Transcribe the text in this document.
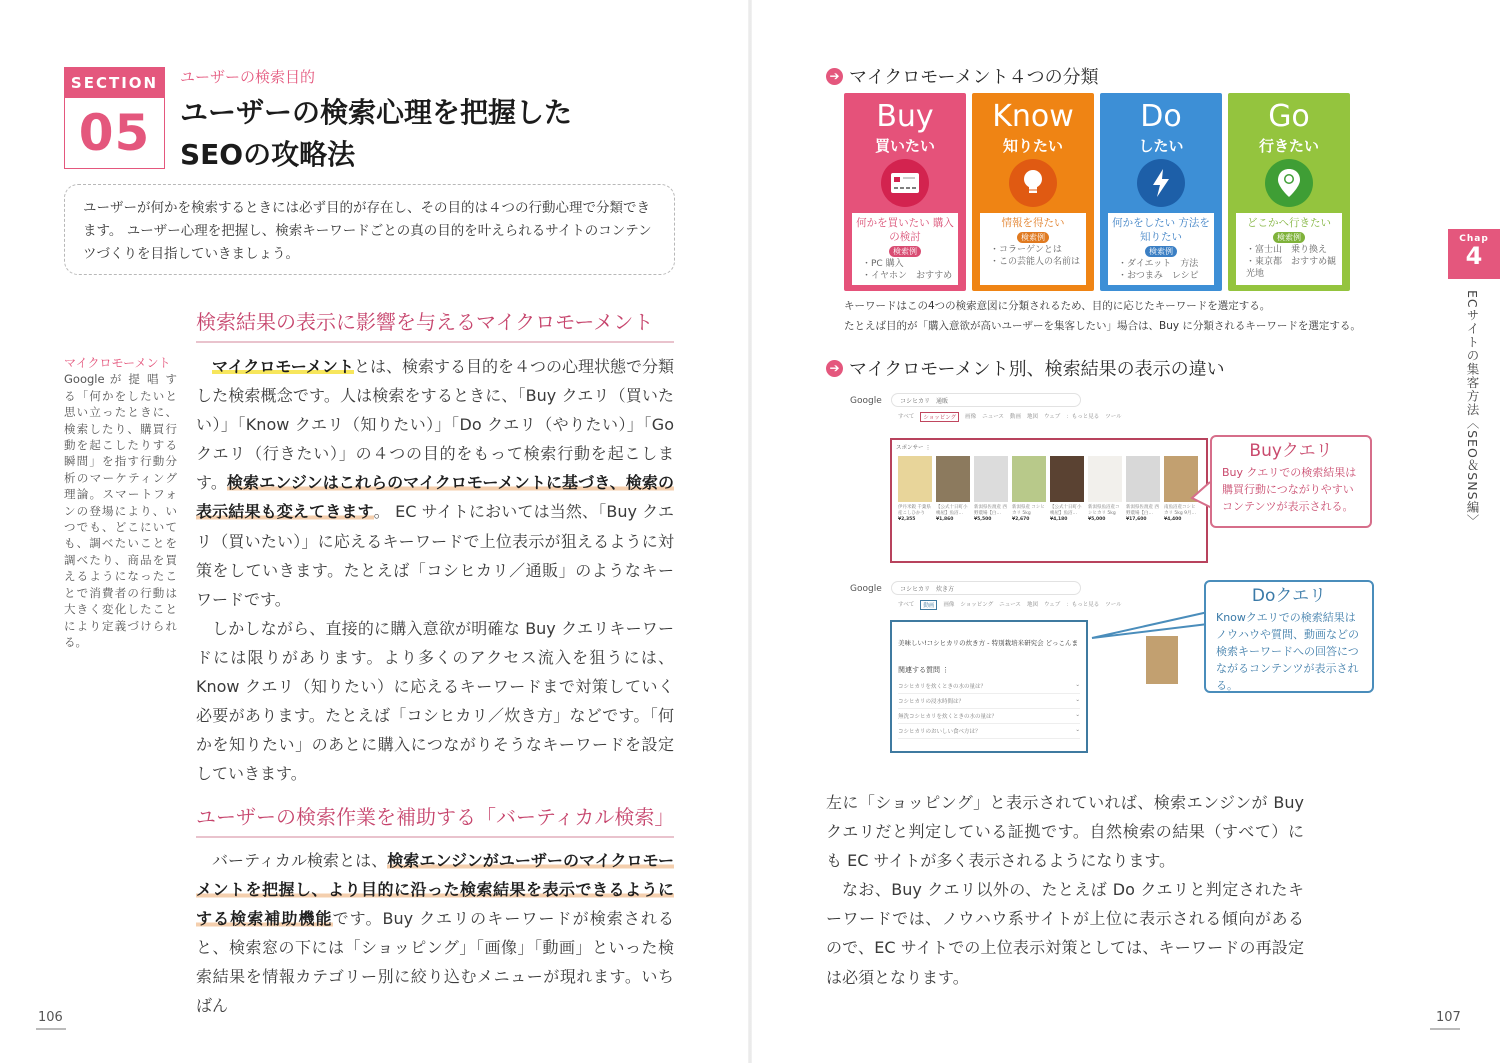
SECTION
05
ユーザーの検索目的
ユーザーの検索心理を把握した
SEOの攻略法
ユーザーが何かを検索するときには必ず目的が存在し、その目的は４つの行動心理で分類できます。 ユーザー心理を把握し、検索キーワードごとの真の目的を叶えられるサイトのコンテンツづくりを目指していきましょう。
検索結果の表示に影響を与えるマイクロモーメント
マイクロモーメント
Google が 提 唱 す る「何かをしたいと思い立ったときに、検索したり、購買行動を起こしたりする瞬間」を指す行動分析のマーケティング理論。スマートフォンの登場により、いつでも、どこにいても、調べたいことを調べたり、商品を買えるようになったことで消費者の行動は大きく変化したことにより定義づけられる。

マイクロモーメントとは、検索する目的を４つの心理状態で分類した検索概念です。人は検索をするときに、「Buy クエリ（買いたい）」「Know クエリ（知りたい）」「Do クエリ（やりたい）」「Go クエリ（行きたい）」の４つの目的をもって検索行動を起こします。検索エンジンはこれらのマイクロモーメントに基づき、検索の表示結果も変えてきます。 EC サイトにおいては当然、「Buy クエリ（買いたい）」に応えるキーワードで上位表示が狙えるように対策をしていきます。たとえば「コシヒカリ／通販」のようなキーワードです。

しかしながら、直接的に購入意欲が明確な Buy クエリキーワードには限りがあります。より多くのアクセス流入を狙うには、Know クエリ（知りたい）に応えるキーワードまで対策していく必要があります。たとえば「コシヒカリ／炊き方」などです。「何かを知りたい」のあとに購入につながりそうなキーワードを設定していきます。

ユーザーの検索作業を補助する「バーティカル検索」

バーティカル検索とは、検索エンジンがユーザーのマイクロモーメントを把握し、より目的に沿った検索結果を表示できるようにする検索補助機能です。Buy クエリのキーワードが検索されると、検索窓の下には「ショッピング」「画像」「動画」といった検索結果を情報カテゴリー別に絞り込むメニューが現れます。いちばん

106
➔ マイクロモーメント４つの分類
Buy
買いたい
何かを買いたい 購入の検討
検索例
・PC 購入
・イヤホン　おすすめ
Know
知りたい
情報を得たい
検索例
・コラーゲンとは
・この芸能人の名前は
Do
したい
何かをしたい 方法を知りたい
検索例
・ダイエット　方法
・おつまみ　レシピ
Go
行きたい
どこかへ行きたい
検索例
・富士山　乗り換え
・東京都　おすすめ観光地
キーワードはこの4つの検索意図に分類されるため、目的に応じたキーワードを選定する。
たとえば目的が「購入意欲が高いユーザーを集客したい」場合は、Buy に分類されるキーワードを選定する。
➔ マイクロモーメント別、検索結果の表示の違い
Google	コシヒカリ　通販
すべて	ショッピング	画像 ニュース 動画 地図 ウェブ ：もっと見る ツール
スポンサー ⋮
伊丹米穀 千葉県産こしひかり
¥2,355
【公式十日町小嶋屋】魚沼…
¥1,860
新潟県佐渡産 西野農場【白…
¥5,500
新潟県産 コシヒカリ 5kg
¥2,670
【公式十日町小嶋屋】魚沼…
¥4,180
新潟県魚沼産コシヒカリ 5kg
¥5,000
新潟県佐渡産 西野農場【白…
¥17,600
南魚沼産コシヒカリ 5kg 9月…
¥4,400
Google	コシヒカリ　炊き方
すべて	動画	画像 ショッピング ニュース 地図 ウェブ ：もっと見る ツール
美味しい!コシヒカリの炊き方 - 特別栽培米研究会 どっこんま
関連する質問 ⋮
コシヒカリを炊くときの水の量は？	⌄
コシヒカリの浸水時間は？	⌄
無洗コシヒカリを炊くときの水の量は？	⌄
コシヒカリのおいしい食べ方は？	⌄
Buyクエリ
Buy クエリでの検索結果は購買行動につながりやすいコンテンツが表示される。
Doクエリ
Knowクエリでの検索結果はノウハウや質問、動画などの検索キーワードへの回答につながるコンテンツが表示される。

左に「ショッピング」と表示されていれば、検索エンジンが Buy クエリだと判定している証拠です。自然検索の結果（すべて）にも EC サイトが多く表示されるようになります。

なお、Buy クエリ以外の、たとえば Do クエリと判定されたキーワードでは、ノウハウ系サイトが上位に表示される傾向があるので、EC サイトでの上位表示対策としては、キーワードの再設定は必須となります。

Chap
4
ECサイトの集客方法〈SEO＆SNS編〉
107
